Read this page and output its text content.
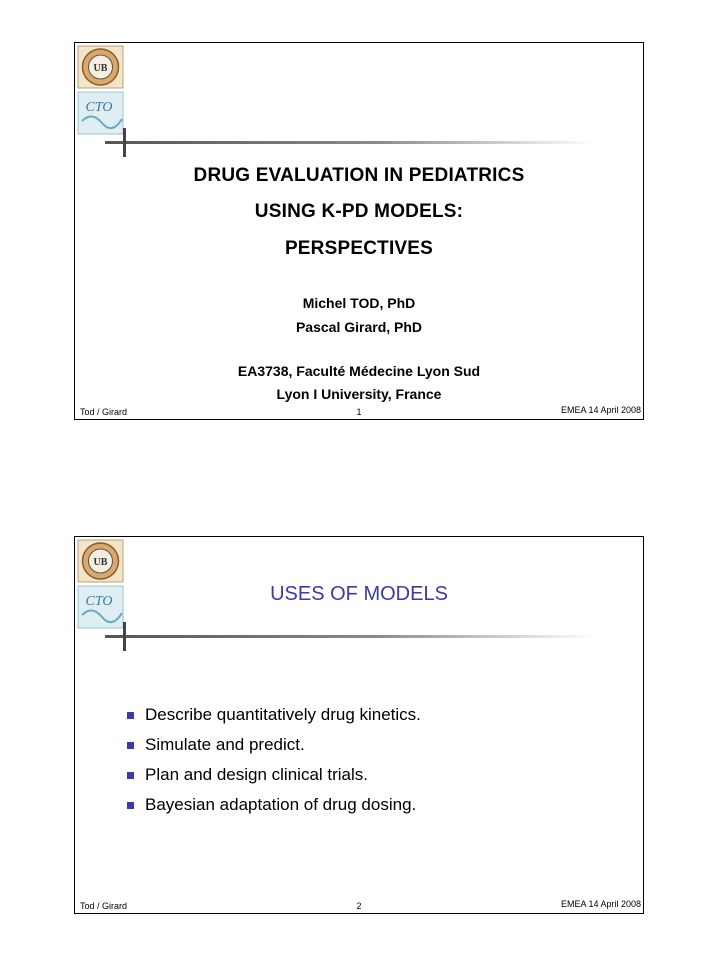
UB
CTO
DRUG EVALUATION IN PEDIATRICS
USING K-PD MODELS:
PERSPECTIVES
Michel TOD, PhD
Pascal Girard, PhD
EA3738, Faculté Médecine Lyon Sud
Lyon I University, France
Tod / Girard	1	EMEA 14 April 2008
UB
CTO	USES OF MODELS
Describe quantitatively drug kinetics.
Simulate and predict.
Plan and design clinical trials.
Bayesian adaptation of drug dosing.
Tod / Girard	2	EMEA 14 April 2008
